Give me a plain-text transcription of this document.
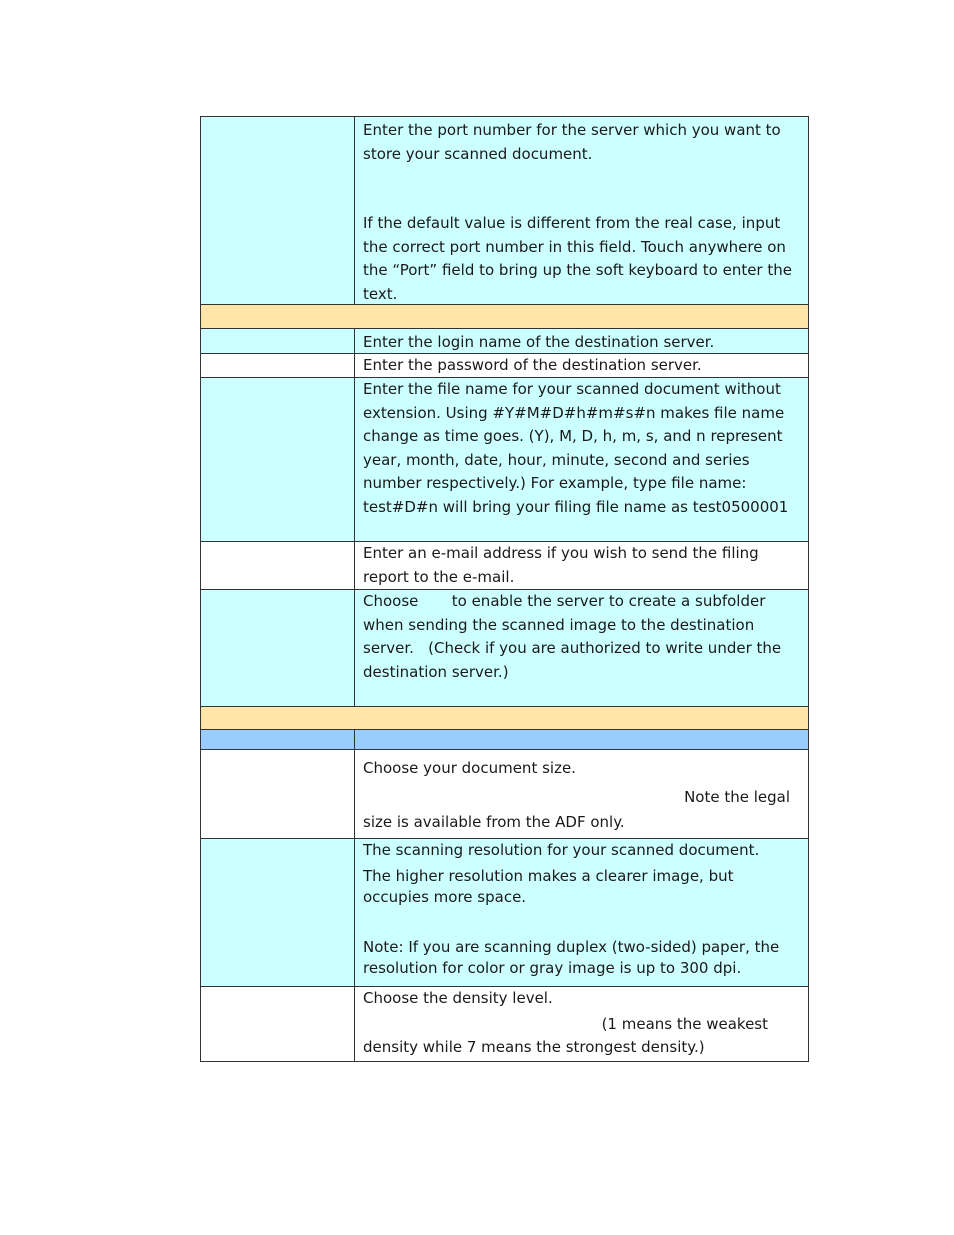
Enter the port number for the server which you want to store your scanned document.
If the default value is different from the real case, input the correct port number in this field. Touch anywhere on the “Port” field to bring up the soft keyboard to enter the text.
Enter the login name of the destination server.
Enter the password of the destination server.
Enter the file name for your scanned document without extension. Using #Y#M#D#h#m#s#n makes file name change as time goes. (Y), M, D, h, m, s, and n represent year, month, date, hour, minute, second and series number respectively.) For example, type file name: test#D#n will bring your filing file name as test0500001
Enter an e-mail address if you wish to send the filing report to the e-mail.
Choose       to enable the server to create a subfolder when sending the scanned image to the destination server.   (Check if you are authorized to write under the destination server.)
Choose your document size.
Note the legal
size is available from the ADF only.
The scanning resolution for your scanned document.
The higher resolution makes a clearer image, but occupies more space.
Note: If you are scanning duplex (two-sided) paper, the resolution for color or gray image is up to 300 dpi.
Choose the density level.
(1 means the weakest
density while 7 means the strongest density.)
